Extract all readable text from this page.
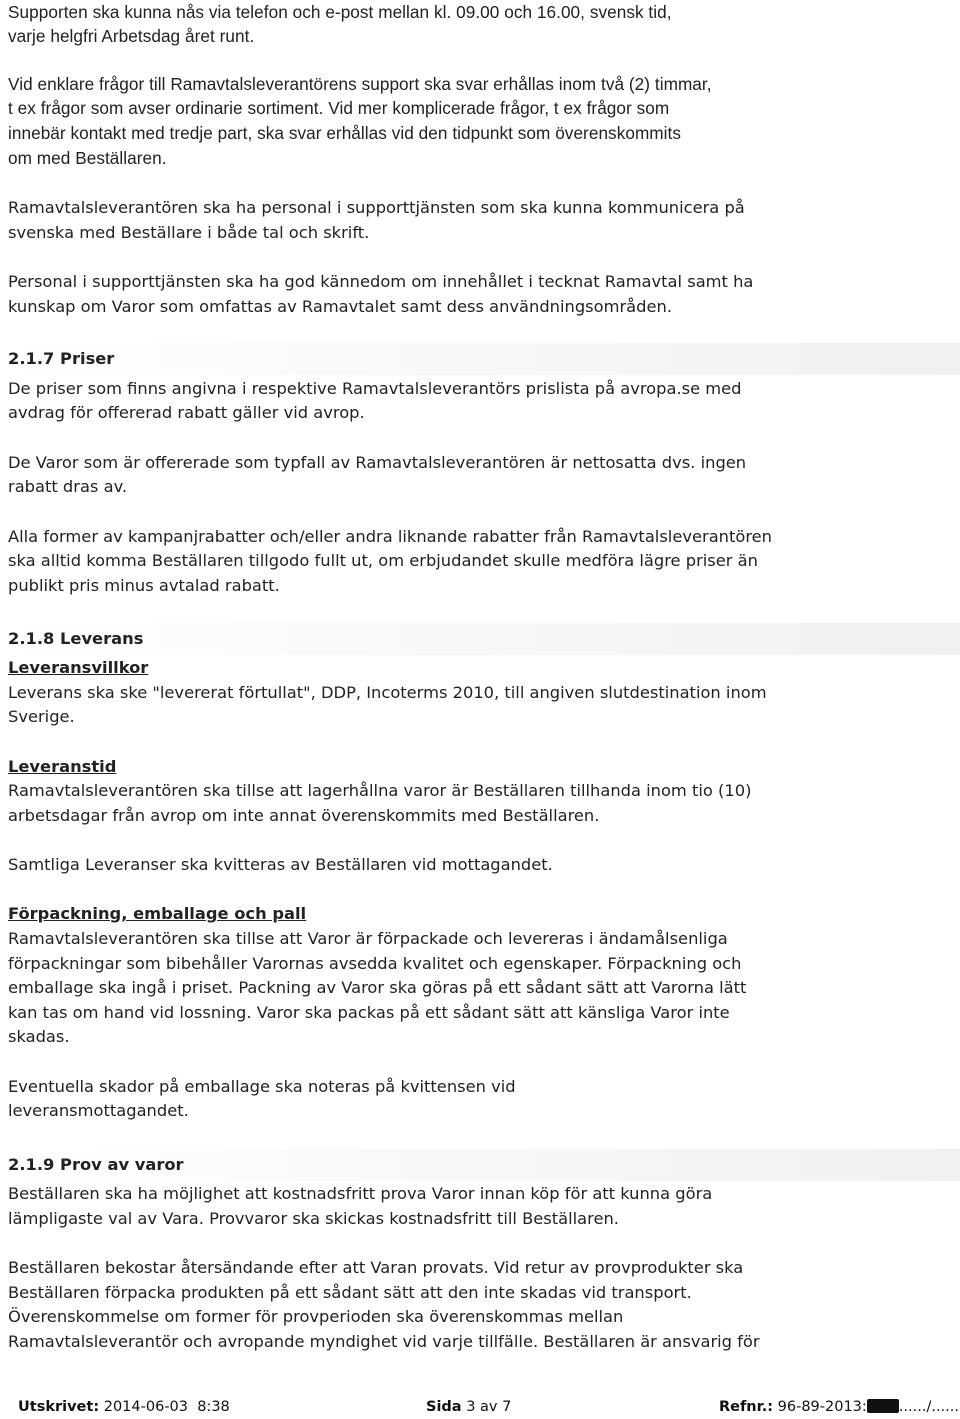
Supporten ska kunna nås via telefon och e-post mellan kl. 09.00 och 16.00, svensk tid,

varje helgfri Arbetsdag året runt.

Vid enklare frågor till Ramavtalsleverantörens support ska svar erhållas inom två (2) timmar,

t ex frågor som avser ordinarie sortiment. Vid mer komplicerade frågor, t ex frågor som

innebär kontakt med tredje part, ska svar erhållas vid den tidpunkt som överenskommits

om med Beställaren.

Ramavtalsleverantören ska ha personal i supporttjänsten som ska kunna kommunicera på

svenska med Beställare i både tal och skrift.

Personal i supporttjänsten ska ha god kännedom om innehållet i tecknat Ramavtal samt ha

kunskap om Varor som omfattas av Ramavtalet samt dess användningsområden.

2.1.7 Priser

De priser som finns angivna i respektive Ramavtalsleverantörs prislista på avropa.se med

avdrag för offererad rabatt gäller vid avrop.

De Varor som är offererade som typfall av Ramavtalsleverantören är nettosatta dvs. ingen

rabatt dras av.

Alla former av kampanjrabatter och/eller andra liknande rabatter från Ramavtalsleverantören

ska alltid komma Beställaren tillgodo fullt ut, om erbjudandet skulle medföra lägre priser än

publikt pris minus avtalad rabatt.

2.1.8 Leverans

Leveransvillkor

Leverans ska ske "levererat förtullat", DDP, Incoterms 2010, till angiven slutdestination inom

Sverige.

Leveranstid

Ramavtalsleverantören ska tillse att lagerhållna varor är Beställaren tillhanda inom tio (10)

arbetsdagar från avrop om inte annat överenskommits med Beställaren.

Samtliga Leveranser ska kvitteras av Beställaren vid mottagandet.

Förpackning, emballage och pall

Ramavtalsleverantören ska tillse att Varor är förpackade och levereras i ändamålsenliga

förpackningar som bibehåller Varornas avsedda kvalitet och egenskaper. Förpackning och

emballage ska ingå i priset. Packning av Varor ska göras på ett sådant sätt att Varorna lätt

kan tas om hand vid lossning. Varor ska packas på ett sådant sätt att känsliga Varor inte

skadas.

Eventuella skador på emballage ska noteras på kvittensen vid

leveransmottagandet.

2.1.9 Prov av varor

Beställaren ska ha möjlighet att kostnadsfritt prova Varor innan köp för att kunna göra

lämpligaste val av Vara. Provvaror ska skickas kostnadsfritt till Beställaren.

Beställaren bekostar återsändande efter att Varan provats. Vid retur av provprodukter ska

Beställaren förpacka produkten på ett sådant sätt att den inte skadas vid transport.

Överenskommelse om former för provperioden ska överenskommas mellan

Ramavtalsleverantör och avropande myndighet vid varje tillfälle. Beställaren är ansvarig för

Utskrivet: 2014-06-03  8:38	Sida 3 av 7	Refnr.: 96-89-2013: ....../......
